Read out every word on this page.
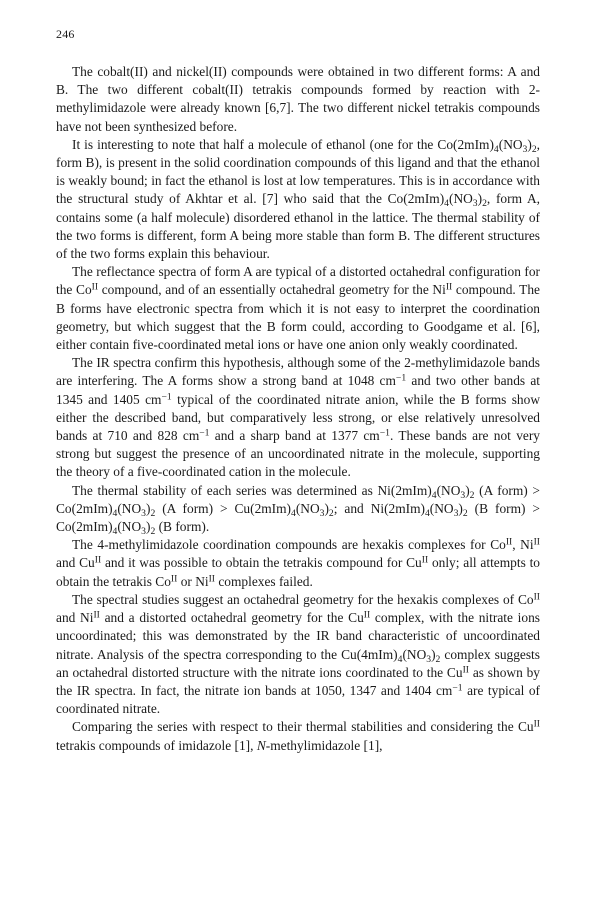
246

The cobalt(II) and nickel(II) compounds were obtained in two different forms: A and B. The two different cobalt(II) tetrakis compounds formed by reaction with 2-methylimidazole were already known [6,7]. The two different nickel tetrakis compounds have not been synthesized before.

It is interesting to note that half a molecule of ethanol (one for the $Co(2mIm)_4(NO_3)_2$, form B), is present in the solid coordination compounds of this ligand and that the ethanol is weakly bound; in fact the ethanol is lost at low temperatures. This is in accordance with the structural study of Akhtar et al. [7] who said that the $Co(2mIm)_4(NO_3)_2$, form A, contains some (a half molecule) disordered ethanol in the lattice. The thermal stability of the two forms is different, form A being more stable than form B. The different structures of the two forms explain this behaviour.

The reflectance spectra of form A are typical of a distorted octahedral configuration for the $Co^{II}$ compound, and of an essentially octahedral geometry for the $Ni^{II}$ compound. The B forms have electronic spectra from which it is not easy to interpret the coordination geometry, but which suggest that the B form could, according to Goodgame et al. [6], either contain five-coordinated metal ions or have one anion only weakly coordinated.

The IR spectra confirm this hypothesis, although some of the 2-methylimidazole bands are interfering. The A forms show a strong band at 1048 $cm^{-1}$ and two other bands at 1345 and 1405 $cm^{-1}$ typical of the coordinated nitrate anion, while the B forms show either the described band, but comparatively less strong, or else relatively unresolved bands at 710 and 828 $cm^{-1}$ and a sharp band at 1377 $cm^{-1}$. These bands are not very strong but suggest the presence of an uncoordinated nitrate in the molecule, supporting the theory of a five-coordinated cation in the molecule.

The thermal stability of each series was determined as $Ni(2mIm)_4(NO_3)_2$ (A form) > $Co(2mIm)_4(NO_3)_2$ (A form) > $Cu(2mIm)_4(NO_3)_2$; and $Ni(2mIm)_4(NO_3)_2$ (B form) > $Co(2mIm)_4(NO_3)_2$ (B form).

The 4-methylimidazole coordination compounds are hexakis complexes for $Co^{II}$, $Ni^{II}$ and $Cu^{II}$ and it was possible to obtain the tetrakis compound for $Cu^{II}$ only; all attempts to obtain the tetrakis $Co^{II}$ or $Ni^{II}$ complexes failed.

The spectral studies suggest an octahedral geometry for the hexakis complexes of $Co^{II}$ and $Ni^{II}$ and a distorted octahedral geometry for the $Cu^{II}$ complex, with the nitrate ions uncoordinated; this was demonstrated by the IR band characteristic of uncoordinated nitrate. Analysis of the spectra corresponding to the $Cu(4mIm)_4(NO_3)_2$ complex suggests an octahedral distorted structure with the nitrate ions coordinated to the $Cu^{II}$ as shown by the IR spectra. In fact, the nitrate ion bands at 1050, 1347 and 1404 $cm^{-1}$ are typical of coordinated nitrate.

Comparing the series with respect to their thermal stabilities and considering the $Cu^{II}$ tetrakis compounds of imidazole [1], N-methylimidazole [1],
